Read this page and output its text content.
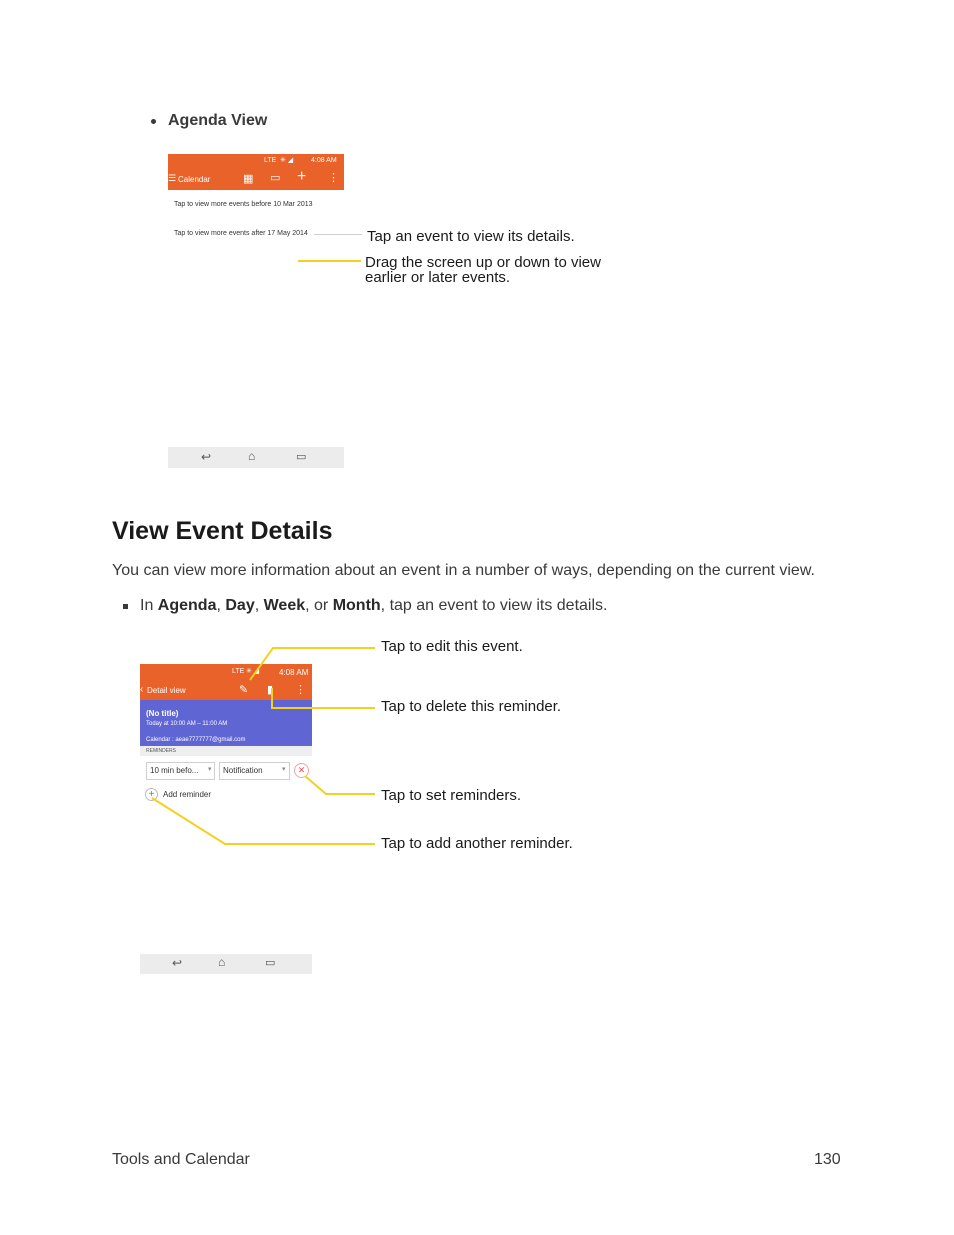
Agenda View
LTE ✳ ◢	4:08 AM
☰ Calendar	▦ ▭ + ⋮
Tap to view more events before 10 Mar 2013
Tap to view more events after 17 May 2014
↩	⌂	▭
Tap an event to view its details.
Drag the screen up or down to view
earlier or later events.
View Event Details
You can view more information about an event in a number of ways, depending on the current view.
In Agenda, Day, Week, or Month, tap an event to view its details.
LTE ✳ ◢ 4:08 AM
‹ Detail view	✎ ▮ ⋮
(No title)
Today at 10:00 AM – 11:00 AM
Calendar : aeae7777777@gmail.com
REMINDERS
10 min befo... ▾ Notification	▾	✕
+	Add reminder
↩	⌂	▭
Tap to edit this event.
Tap to delete this reminder.
Tap to set reminders.
Tap to add another reminder.
Tools and Calendar	130
